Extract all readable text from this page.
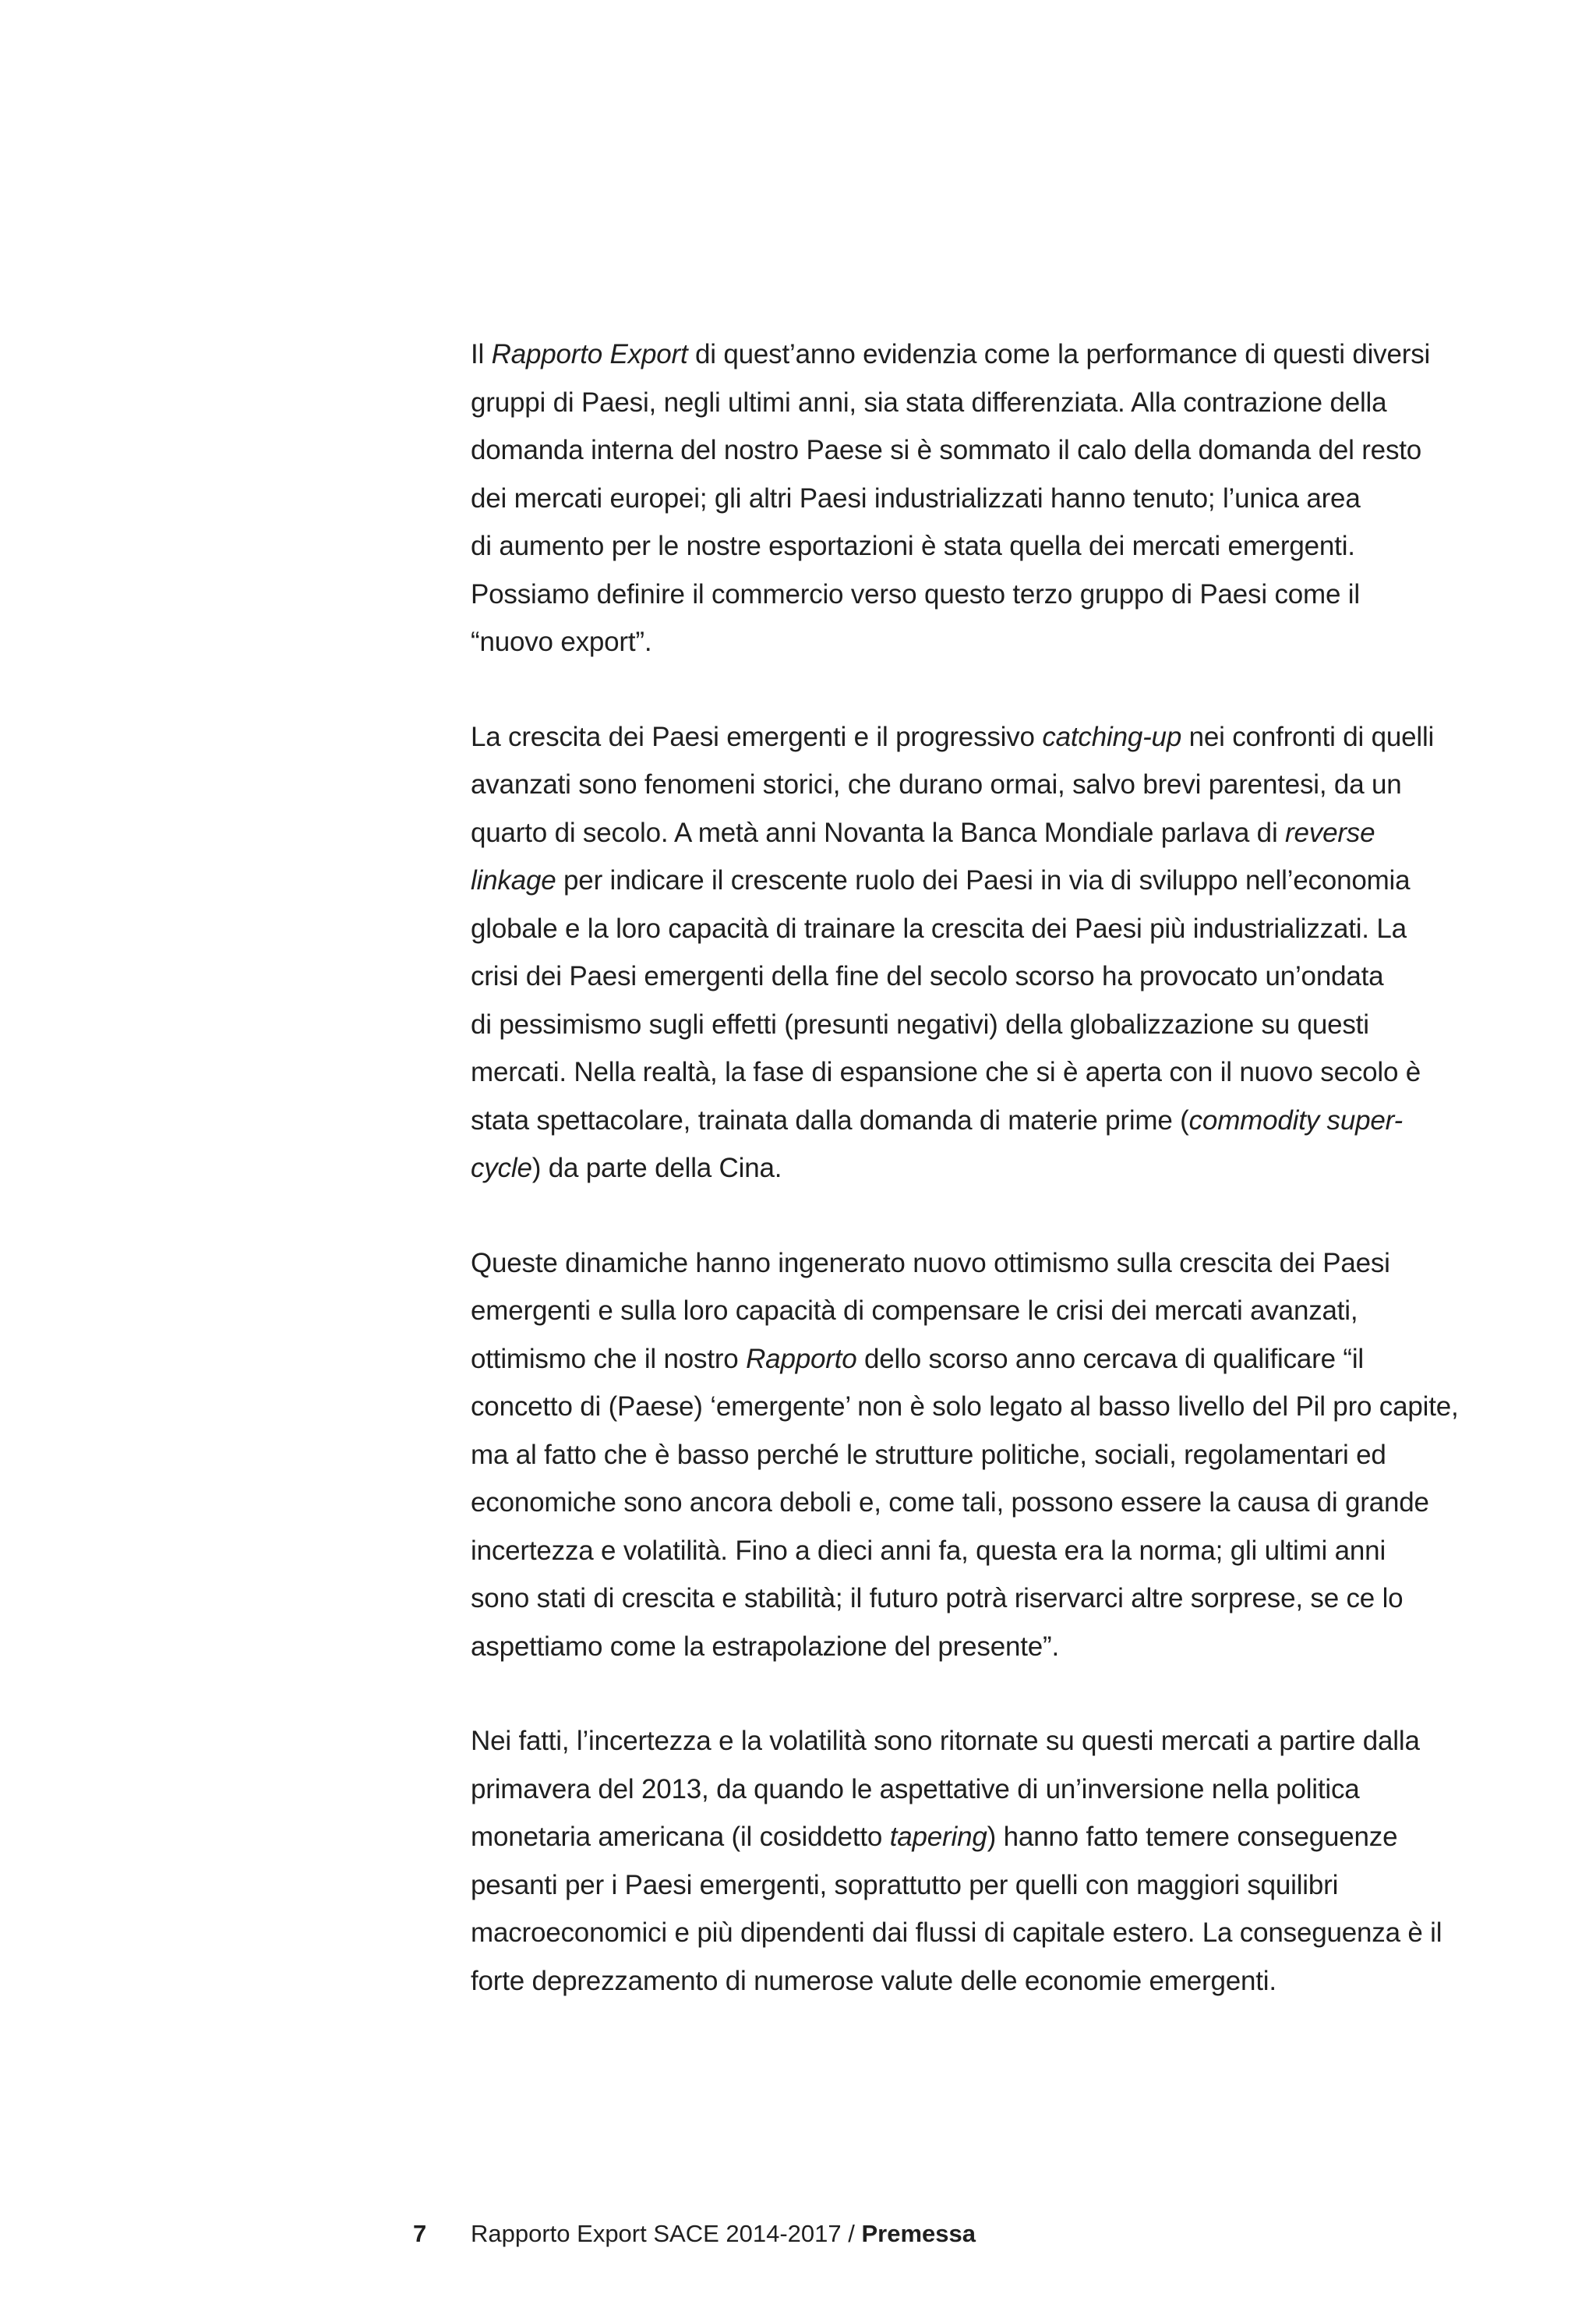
Il Rapporto Export di quest’anno evidenzia come la performance di questi diversi
gruppi di Paesi, negli ultimi anni, sia stata differenziata. Alla contrazione della
domanda interna del nostro Paese si è sommato il calo della domanda del resto
dei mercati europei; gli altri Paesi industrializzati hanno tenuto; l’unica area
di aumento per le nostre esportazioni è stata quella dei mercati emergenti.
Possiamo definire il commercio verso questo terzo gruppo di Paesi come il
“nuovo export”.

La crescita dei Paesi emergenti e il progressivo catching-up nei confronti di quelli
avanzati sono fenomeni storici, che durano ormai, salvo brevi parentesi, da un
quarto di secolo. A metà anni Novanta la Banca Mondiale parlava di reverse
linkage per indicare il crescente ruolo dei Paesi in via di sviluppo nell’economia
globale e la loro capacità di trainare la crescita dei Paesi più industrializzati. La
crisi dei Paesi emergenti della fine del secolo scorso ha provocato un’ondata
di pessimismo sugli effetti (presunti negativi) della globalizzazione su questi
mercati. Nella realtà, la fase di espansione che si è aperta con il nuovo secolo è
stata spettacolare, trainata dalla domanda di materie prime (commodity super-
cycle) da parte della Cina.

Queste dinamiche hanno ingenerato nuovo ottimismo sulla crescita dei Paesi
emergenti e sulla loro capacità di compensare le crisi dei mercati avanzati,
ottimismo che il nostro Rapporto dello scorso anno cercava di qualificare “il
concetto di (Paese) ‘emergente’ non è solo legato al basso livello del Pil pro capite,
ma al fatto che è basso perché le strutture politiche, sociali, regolamentari ed
economiche sono ancora deboli e, come tali, possono essere la causa di grande
incertezza e volatilità. Fino a dieci anni fa, questa era la norma; gli ultimi anni
sono stati di crescita e stabilità; il futuro potrà riservarci altre sorprese, se ce lo
aspettiamo come la estrapolazione del presente”.

Nei fatti, l’incertezza e la volatilità sono ritornate su questi mercati a partire dalla
primavera del 2013, da quando le aspettative di un’inversione nella politica
monetaria americana (il cosiddetto tapering) hanno fatto temere conseguenze
pesanti per i Paesi emergenti, soprattutto per quelli con maggiori squilibri
macroeconomici e più dipendenti dai flussi di capitale estero. La conseguenza è il
forte deprezzamento di numerose valute delle economie emergenti.

7 Rapporto Export SACE 2014-2017 / Premessa
